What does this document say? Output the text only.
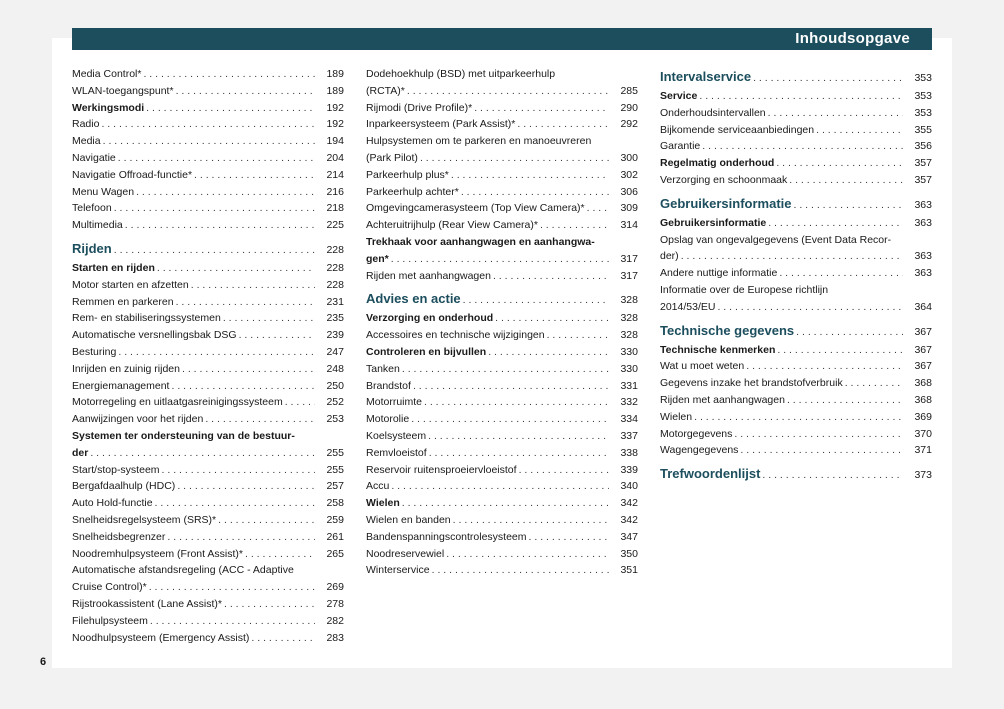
Inhoudsopgave
Media Control* . . .	189
WLAN-toegangspunt* . . .	189
Werkingsmodi . . .	192
Radio . . .	192
Media . . .	194
Navigatie . . .	204
Navigatie Offroad-functie* . . .	214
Menu Wagen . . .	216
Telefoon . . .	218
Multimedia . . .	225
Rijden . . .	228
Starten en rijden . . .	228
Motor starten en afzetten . . .	228
Remmen en parkeren . . .	231
Rem- en stabiliseringssystemen . . .	235
Automatische versnellingsbak DSG . . .	239
Besturing . . .	247
Inrijden en zuinig rijden . . .	248
Energiemanagement . . .	250
Motorregeling en uitlaatgasreinigingssysteem . . .	252
Aanwijzingen voor het rijden . . .	253
Systemen ter ondersteuning van de bestuur-
der . . .	255
Start/stop-systeem . . .	255
Bergafdaalhulp (HDC) . . .	257
Auto Hold-functie . . .	258
Snelheidsregelsysteem (SRS)* . . .	259
Snelheidsbegrenzer . . .	261
Noodremhulpsysteem (Front Assist)* . . .	265
Automatische afstandsregeling (ACC - Adaptive
Cruise Control)* . . .	269
Rijstrookassistent (Lane Assist)* . . .	278
Filehulpsysteem . . .	282
Noodhulpsysteem (Emergency Assist) . . .	283
Dodehoekhulp (BSD) met uitparkeerhulp
(RCTA)* . . .	285
Rijmodi (Drive Profile)* . . .	290
Inparkeersysteem (Park Assist)* . . .	292
Hulpsystemen om te parkeren en manoeuvreren
(Park Pilot) . . .	300
Parkeerhulp plus* . . .	302
Parkeerhulp achter* . . .	306
Omgevingcamerasysteem (Top View Camera)* . . .	309
Achteruitrijhulp (Rear View Camera)* . . .	314
Trekhaak voor aanhangwagen en aanhangwa-
gen* . . .	317
Rijden met aanhangwagen . . .	317
Advies en actie . . .	328
Verzorging en onderhoud . . .	328
Accessoires en technische wijzigingen . . .	328
Controleren en bijvullen . . .	330
Tanken . . .	330
Brandstof . . .	331
Motorruimte . . .	332
Motorolie . . .	334
Koelsysteem . . .	337
Remvloeistof . . .	338
Reservoir ruitensproeiervloeistof . . .	339
Accu . . .	340
Wielen . . .	342
Wielen en banden . . .	342
Bandenspanningscontrolesysteem . . .	347
Noodreservewiel . . .	350
Winterservice . . .	351
Intervalservice . . .	353
Service . . .	353
Onderhoudsintervallen . . .	353
Bijkomende serviceaanbiedingen . . .	355
Garantie . . .	356
Regelmatig onderhoud . . .	357
Verzorging en schoonmaak . . .	357
Gebruikersinformatie . . .	363
Gebruikersinformatie . . .	363
Opslag van ongevalgegevens (Event Data Recor-
der) . . .	363
Andere nuttige informatie . . .	363
Informatie over de Europese richtlijn
2014/53/EU . . .	364
Technische gegevens . . .	367
Technische kenmerken . . .	367
Wat u moet weten . . .	367
Gegevens inzake het brandstofverbruik . . .	368
Rijden met aanhangwagen . . .	368
Wielen . . .	369
Motorgegevens . . .	370
Wagengegevens . . .	371
Trefwoordenlijst . . .	373
6
